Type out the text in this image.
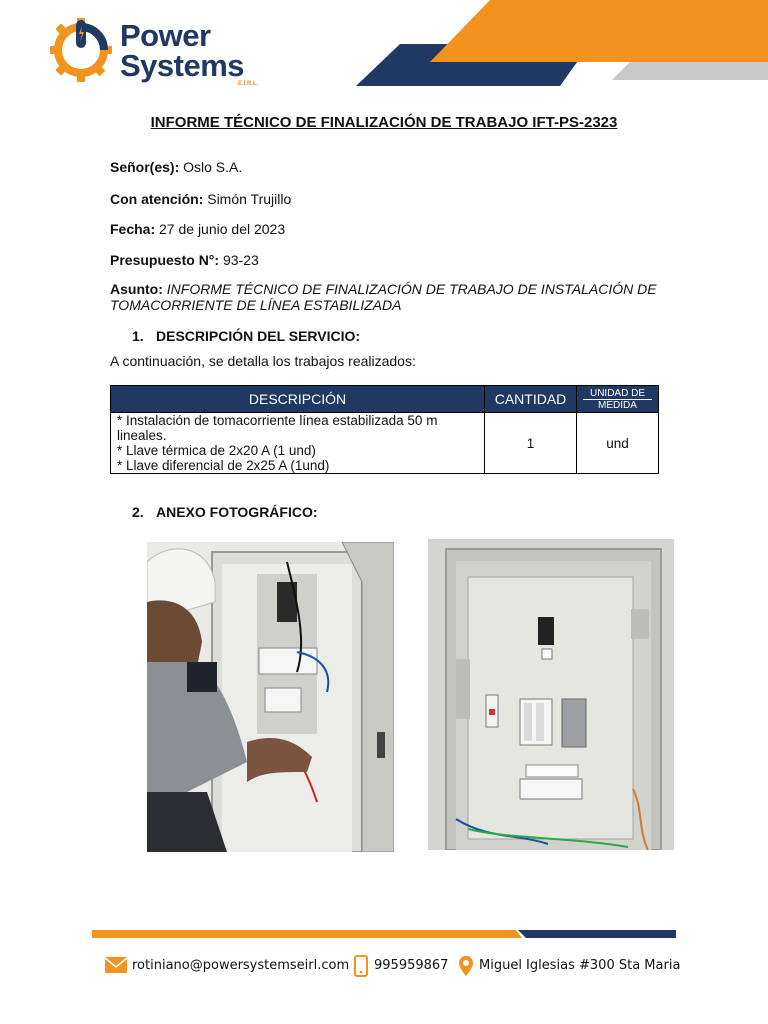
Power
Systems
E.I.R.L.
INFORME TÉCNICO DE FINALIZACIÓN DE TRABAJO IFT-PS-2323
Señor(es): Oslo S.A.
Con atención: Simón Trujillo
Fecha: 27 de junio del 2023
Presupuesto N°: 93-23
Asunto: INFORME TÉCNICO DE FINALIZACIÓN DE TRABAJO DE INSTALACIÓN DE TOMACORRIENTE DE LÍNEA ESTABILIZADA
1. DESCRIPCIÓN DEL SERVICIO:
A continuación, se detalla los trabajos realizados:
DESCRIPCIÓN	CANTIDAD	UNIDAD DE
MEDIDA

* Instalación de tomacorriente línea estabilizada 50 m lineales.
* Llave térmica de 2x20 A (1 und)
* Llave diferencial de 2x25 A (1und)	1	und
2. ANEXO FOTOGRÁFICO:
rotiniano@powersystemseirl.com 995959867 Miguel Iglesias #300 Sta Maria
